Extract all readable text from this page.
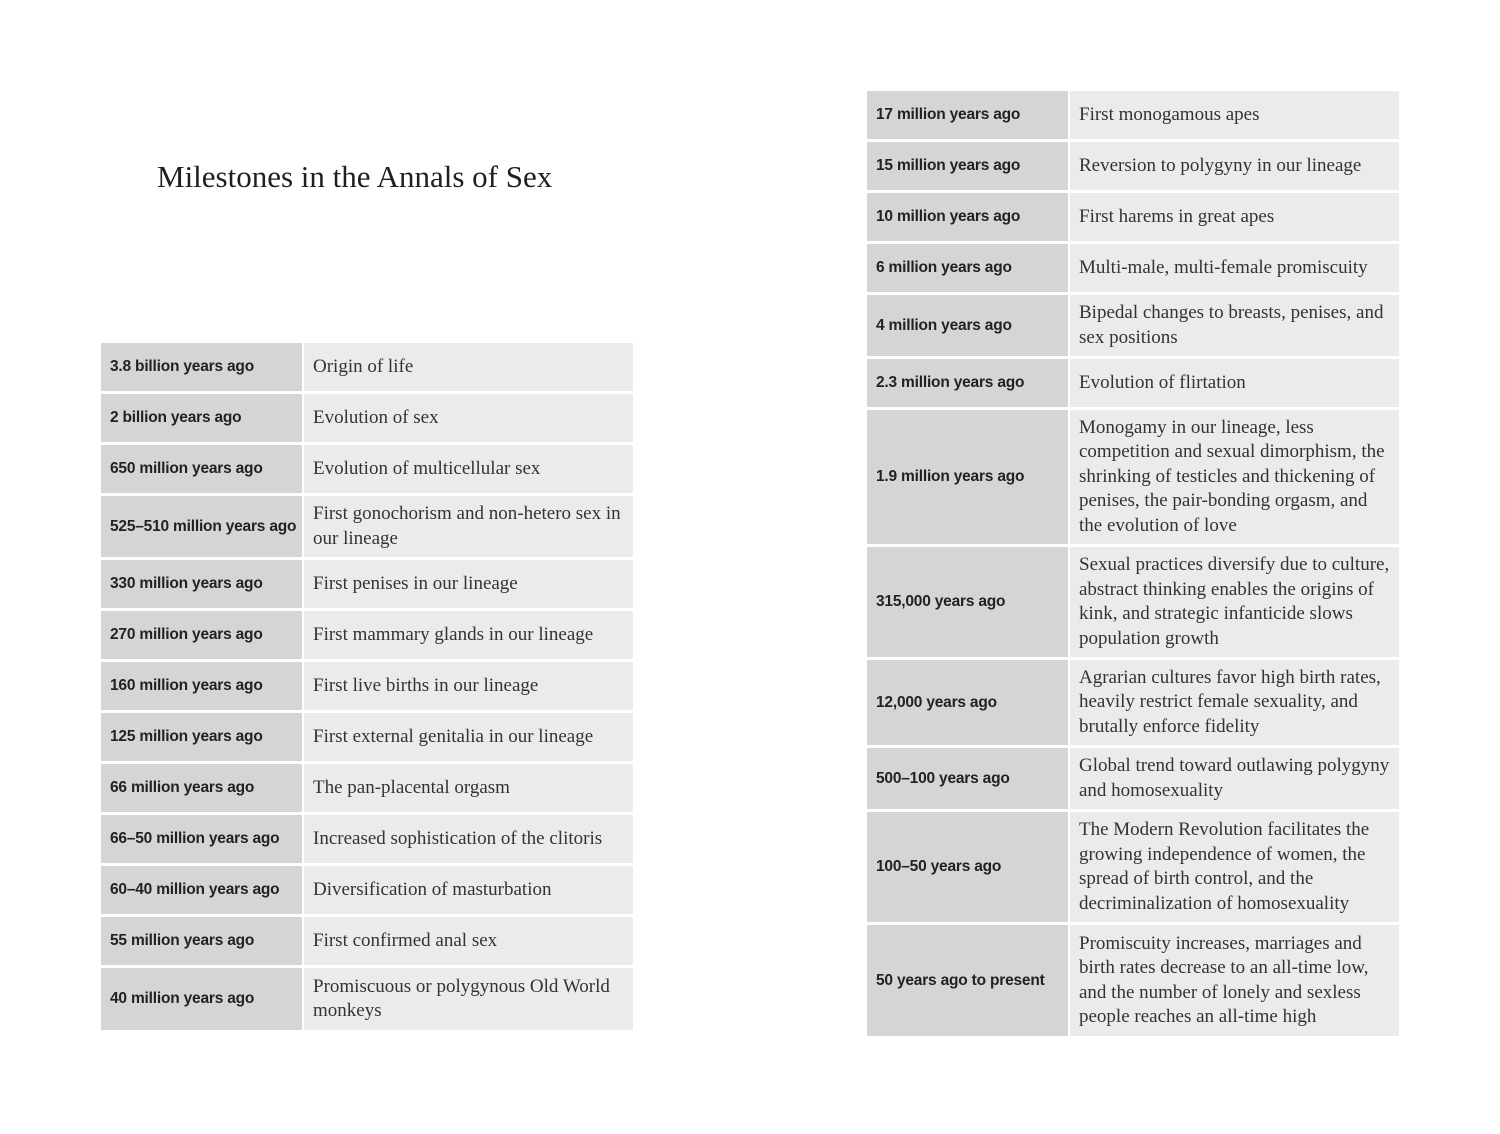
Milestones in the Annals of Sex
3.8 billion years ago	Origin of life
2 billion years ago	Evolution of sex
650 million years ago	Evolution of multicellular sex
525–510 million years ago	First gonochorism and non-hetero sex in our lineage
330 million years ago	First penises in our lineage
270 million years ago	First mammary glands in our lineage
160 million years ago	First live births in our lineage
125 million years ago	First external genitalia in our lineage
66 million years ago	The pan-placental orgasm
66–50 million years ago	Increased sophistication of the clitoris
60–40 million years ago	Diversification of masturbation
55 million years ago	First confirmed anal sex
40 million years ago	Promiscuous or polygynous Old World monkeys
17 million years ago	First monogamous apes
15 million years ago	Reversion to polygyny in our lineage
10 million years ago	First harems in great apes
6 million years ago	Multi-male, multi-female promiscuity
4 million years ago	Bipedal changes to breasts, penises, and sex positions
2.3 million years ago	Evolution of flirtation
1.9 million years ago	Monogamy in our lineage, less competition and sexual dimorphism, the shrinking of testicles and thickening of penises, the pair-bonding orgasm, and the evolution of love
315,000 years ago	Sexual practices diversify due to culture, abstract thinking enables the origins of kink, and strategic infanticide slows population growth
12,000 years ago	Agrarian cultures favor high birth rates, heavily restrict female sexuality, and brutally enforce fidelity
500–100 years ago	Global trend toward outlawing polygyny and homosexuality
100–50 years ago	The Modern Revolution facilitates the growing independence of women, the spread of birth control, and the decriminalization of homosexuality
50 years ago to present	Promiscuity increases, marriages and birth rates decrease to an all-time low, and the number of lonely and sexless people reaches an all-time high
